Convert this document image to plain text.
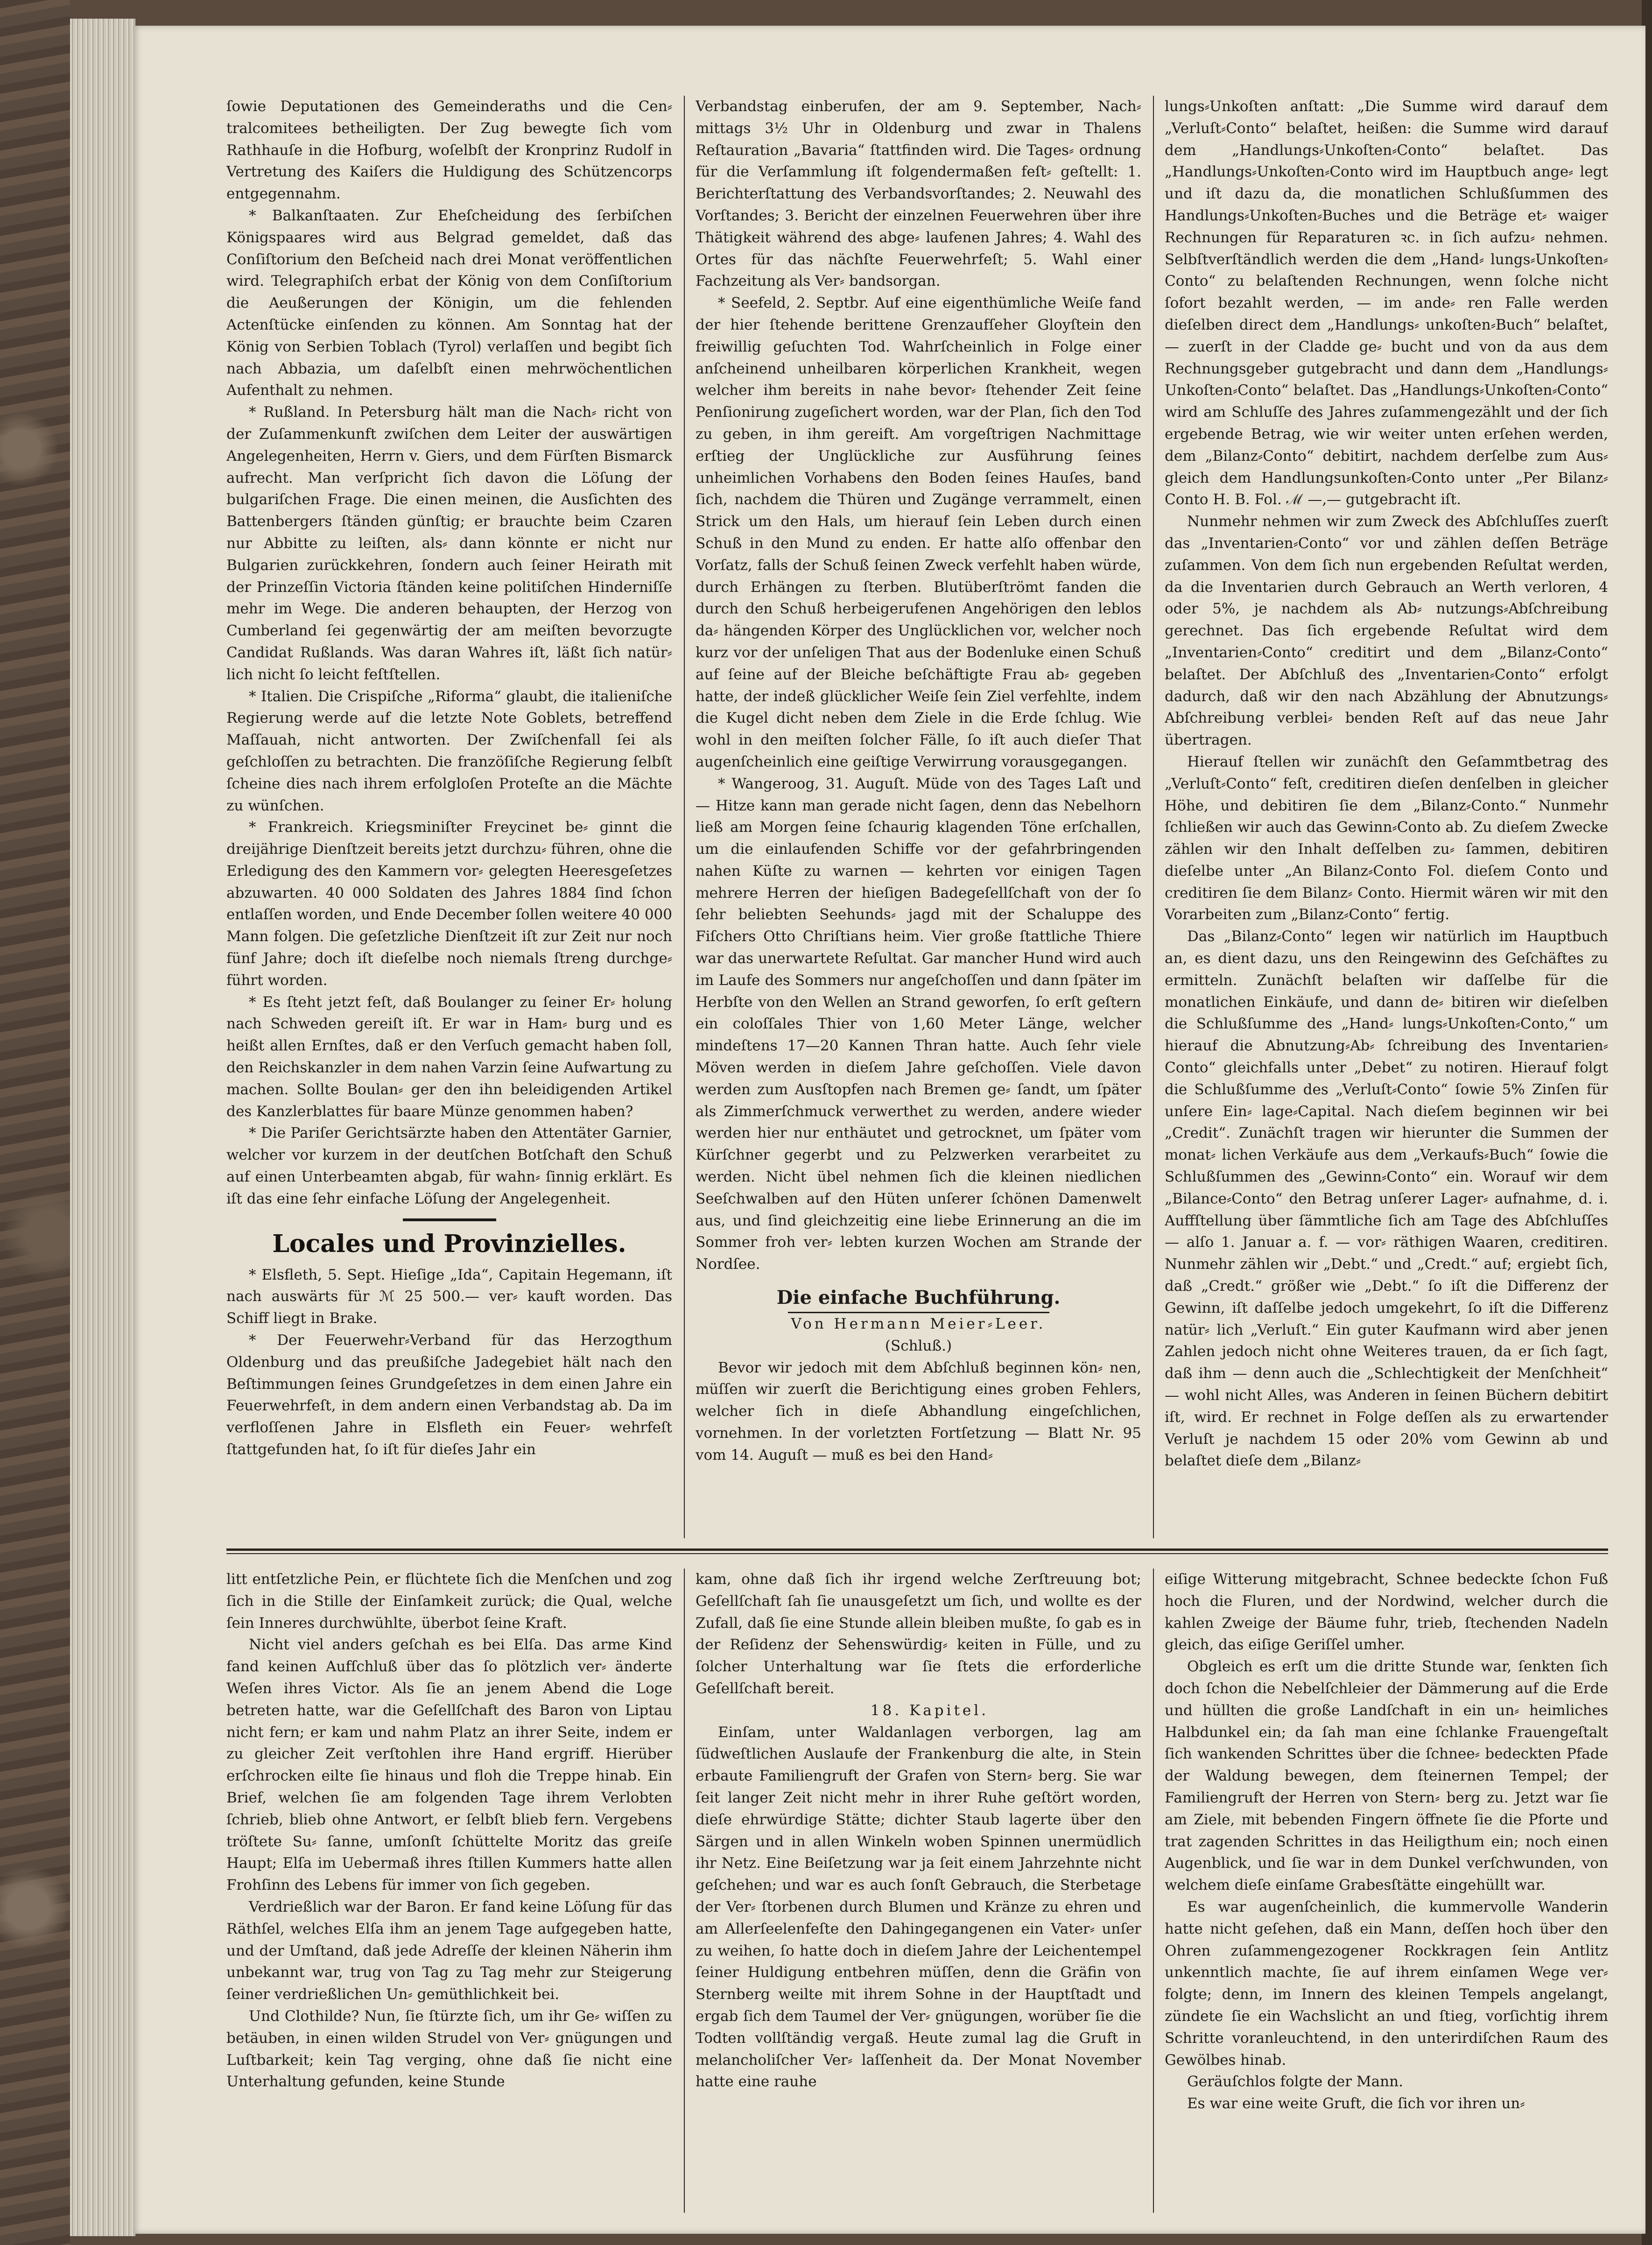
ſowie Deputationen des Gemeinderaths und die Cen⸗ tralcomitees betheiligten. Der Zug bewegte ſich vom Rathhauſe in die Hofburg, woſelbſt der Kronprinz Rudolf in Vertretung des Kaiſers die Huldigung des Schützencorps entgegennahm.

* Balkanſtaaten. Zur Eheſcheidung des ſerbiſchen Königspaares wird aus Belgrad gemeldet, daß das Conſiſtorium den Beſcheid nach drei Monat veröffentlichen wird. Telegraphiſch erbat der König von dem Conſiſtorium die Aeußerungen der Königin, um die fehlenden Actenſtücke einſenden zu können. Am Sonntag hat der König von Serbien Toblach (Tyrol) verlaſſen und begibt ſich nach Abbazia, um daſelbſt einen mehrwöchentlichen Aufenthalt zu nehmen.

* Rußland. In Petersburg hält man die Nach⸗ richt von der Zuſammenkunft zwiſchen dem Leiter der auswärtigen Angelegenheiten, Herrn v. Giers, und dem Fürſten Bismarck aufrecht. Man verſpricht ſich davon die Löſung der bulgariſchen Frage. Die einen meinen, die Ausſichten des Battenbergers ſtänden günſtig; er brauchte beim Czaren nur Abbitte zu leiſten, als⸗ dann könnte er nicht nur Bulgarien zurückkehren, ſondern auch ſeiner Heirath mit der Prinzeſſin Victoria ſtänden keine politiſchen Hinderniſſe mehr im Wege. Die anderen behaupten, der Herzog von Cumberland ſei gegenwärtig der am meiſten bevorzugte Candidat Rußlands. Was daran Wahres iſt, läßt ſich natür⸗ lich nicht ſo leicht feſtſtellen.

* Italien. Die Crispiſche „Riforma“ glaubt, die italieniſche Regierung werde auf die letzte Note Goblets, betreffend Maſſauah, nicht antworten. Der Zwiſchenfall ſei als geſchloſſen zu betrachten. Die franzöſiſche Regierung ſelbſt ſcheine dies nach ihrem erfolgloſen Proteſte an die Mächte zu wünſchen.

* Frankreich. Kriegsminiſter Freycinet be⸗ ginnt die dreijährige Dienſtzeit bereits jetzt durchzu⸗ führen, ohne die Erledigung des den Kammern vor⸗ gelegten Heeresgeſetzes abzuwarten. 40 000 Soldaten des Jahres 1884 ſind ſchon entlaſſen worden, und Ende December ſollen weitere 40 000 Mann folgen. Die geſetzliche Dienſtzeit iſt zur Zeit nur noch fünf Jahre; doch iſt dieſelbe noch niemals ſtreng durchge⸗ führt worden.

* Es ſteht jetzt feſt, daß Boulanger zu ſeiner Er⸗ holung nach Schweden gereiſt iſt. Er war in Ham⸗ burg und es heißt allen Ernſtes, daß er den Verſuch gemacht haben ſoll, den Reichskanzler in dem nahen Varzin ſeine Aufwartung zu machen. Sollte Boulan⸗ ger den ihn beleidigenden Artikel des Kanzlerblattes für baare Münze genommen haben?

* Die Pariſer Gerichtsärzte haben den Attentäter Garnier, welcher vor kurzem in der deutſchen Botſchaft den Schuß auf einen Unterbeamten abgab, für wahn⸗ ſinnig erklärt. Es iſt das eine ſehr einfache Löſung der Angelegenheit.

Locales und Provinzielles.

* Elsfleth, 5. Sept. Hieſige „Ida“, Capitain Hegemann, iſt nach auswärts für ℳ 25 500.— ver⸗ kauft worden. Das Schiff liegt in Brake.

* Der Feuerwehr⸗Verband für das Herzogthum Oldenburg und das preußiſche Jadegebiet hält nach den Beſtimmungen ſeines Grundgeſetzes in dem einen Jahre ein Feuerwehrfeſt, in dem andern einen Verbandstag ab. Da im verfloſſenen Jahre in Elsfleth ein Feuer⸗ wehrfeſt ſtattgefunden hat, ſo iſt für dieſes Jahr ein

Verbandstag einberufen, der am 9. September, Nach⸗ mittags 3½ Uhr in Oldenburg und zwar in Thalens Reſtauration „Bavaria“ ſtattfinden wird. Die Tages⸗ ordnung für die Verſammlung iſt folgendermaßen feſt⸗ geſtellt: 1. Berichterſtattung des Verbandsvorſtandes; 2. Neuwahl des Vorſtandes; 3. Bericht der einzelnen Feuerwehren über ihre Thätigkeit während des abge⸗ laufenen Jahres; 4. Wahl des Ortes für das nächſte Feuerwehrfeſt; 5. Wahl einer Fachzeitung als Ver⸗ bandsorgan.

* Seefeld, 2. Septbr. Auf eine eigenthümliche Weiſe fand der hier ſtehende berittene Grenzaufſeher Gloyſtein den freiwillig geſuchten Tod. Wahrſcheinlich in Folge einer anſcheinend unheilbaren körperlichen Krankheit, wegen welcher ihm bereits in nahe bevor⸗ ſtehender Zeit ſeine Penſionirung zugeſichert worden, war der Plan, ſich den Tod zu geben, in ihm gereift. Am vorgeſtrigen Nachmittage erſtieg der Unglückliche zur Ausführung ſeines unheimlichen Vorhabens den Boden ſeines Hauſes, band ſich, nachdem die Thüren und Zugänge verrammelt, einen Strick um den Hals, um hierauf ſein Leben durch einen Schuß in den Mund zu enden. Er hatte alſo offenbar den Vorſatz, falls der Schuß ſeinen Zweck verfehlt haben würde, durch Erhängen zu ſterben. Blutüberſtrömt fanden die durch den Schuß herbeigerufenen Angehörigen den leblos da⸗ hängenden Körper des Unglücklichen vor, welcher noch kurz vor der unſeligen That aus der Bodenluke einen Schuß auf ſeine auf der Bleiche beſchäftigte Frau ab⸗ gegeben hatte, der indeß glücklicher Weiſe ſein Ziel verfehlte, indem die Kugel dicht neben dem Ziele in die Erde ſchlug. Wie wohl in den meiſten ſolcher Fälle, ſo iſt auch dieſer That augenſcheinlich eine geiſtige Verwirrung vorausgegangen.

* Wangeroog, 31. Auguſt. Müde von des Tages Laſt und — Hitze kann man gerade nicht ſagen, denn das Nebelhorn ließ am Morgen ſeine ſchaurig klagenden Töne erſchallen, um die einlaufenden Schiffe vor der gefahrbringenden nahen Küſte zu warnen — kehrten vor einigen Tagen mehrere Herren der hieſigen Badegeſellſchaft von der ſo ſehr beliebten Seehunds⸗ jagd mit der Schaluppe des Fiſchers Otto Chriſtians heim. Vier große ſtattliche Thiere war das unerwartete Reſultat. Gar mancher Hund wird auch im Laufe des Sommers nur angeſchoſſen und dann ſpäter im Herbſte von den Wellen an Strand geworfen, ſo erſt geſtern ein coloſſales Thier von 1,60 Meter Länge, welcher mindeſtens 17—20 Kannen Thran hatte. Auch ſehr viele Möven werden in dieſem Jahre geſchoſſen. Viele davon werden zum Ausſtopfen nach Bremen ge⸗ ſandt, um ſpäter als Zimmerſchmuck verwerthet zu werden, andere wieder werden hier nur enthäutet und getrocknet, um ſpäter vom Kürſchner gegerbt und zu Pelzwerken verarbeitet zu werden. Nicht übel nehmen ſich die kleinen niedlichen Seeſchwalben auf den Hüten unſerer ſchönen Damenwelt aus, und ſind gleichzeitig eine liebe Erinnerung an die im Sommer froh ver⸗ lebten kurzen Wochen am Strande der Nordſee.

Die einfache Buchführung.

Von Hermann Meier⸗Leer.

(Schluß.)

Bevor wir jedoch mit dem Abſchluß beginnen kön⸗ nen, müſſen wir zuerſt die Berichtigung eines groben Fehlers, welcher ſich in dieſe Abhandlung eingeſchlichen, vornehmen. In der vorletzten Fortſetzung — Blatt Nr. 95 vom 14. Auguſt — muß es bei den Hand⸗

lungs⸗Unkoſten anſtatt: „Die Summe wird darauf dem „Verluſt⸗Conto“ belaſtet, heißen: die Summe wird darauf dem „Handlungs⸗Unkoſten⸗Conto“ belaſtet. Das „Handlungs⸗Unkoſten⸗Conto wird im Hauptbuch ange⸗ legt und iſt dazu da, die monatlichen Schlußſummen des Handlungs⸗Unkoſten⸗Buches und die Beträge et⸗ waiger Rechnungen für Reparaturen ꝛc. in ſich aufzu⸗ nehmen. Selbſtverſtändlich werden die dem „Hand⸗ lungs⸗Unkoſten⸗Conto“ zu belaſtenden Rechnungen, wenn ſolche nicht ſofort bezahlt werden, — im ande⸗ ren Falle werden dieſelben direct dem „Handlungs⸗ unkoſten⸗Buch“ belaſtet, — zuerſt in der Cladde ge⸗ bucht und von da aus dem Rechnungsgeber gutgebracht und dann dem „Handlungs⸗Unkoſten⸗Conto“ belaſtet. Das „Handlungs⸗Unkoſten⸗Conto“ wird am Schluſſe des Jahres zuſammengezählt und der ſich ergebende Betrag, wie wir weiter unten erſehen werden, dem „Bilanz⸗Conto“ debitirt, nachdem derſelbe zum Aus⸗ gleich dem Handlungsunkoſten⸗Conto unter „Per Bilanz⸗ Conto H. B. Fol. ℳ —,— gutgebracht iſt.

Nunmehr nehmen wir zum Zweck des Abſchluſſes zuerſt das „Inventarien⸗Conto“ vor und zählen deſſen Beträge zuſammen. Von dem ſich nun ergebenden Reſultat werden, da die Inventarien durch Gebrauch an Werth verloren, 4 oder 5%, je nachdem als Ab⸗ nutzungs⸗Abſchreibung gerechnet. Das ſich ergebende Reſultat wird dem „Inventarien⸗Conto“ creditirt und dem „Bilanz⸗Conto“ belaſtet. Der Abſchluß des „Inventarien⸗Conto“ erfolgt dadurch, daß wir den nach Abzählung der Abnutzungs⸗Abſchreibung verblei⸗ benden Reſt auf das neue Jahr übertragen.

Hierauf ſtellen wir zunächſt den Geſammtbetrag des „Verluſt⸗Conto“ feſt, creditiren dieſen denſelben in gleicher Höhe, und debitiren ſie dem „Bilanz⸗Conto.“ Nunmehr ſchließen wir auch das Gewinn⸗Conto ab. Zu dieſem Zwecke zählen wir den Inhalt deſſelben zu⸗ ſammen, debitiren dieſelbe unter „An Bilanz⸗Conto Fol. dieſem Conto und creditiren ſie dem Bilanz⸗ Conto. Hiermit wären wir mit den Vorarbeiten zum „Bilanz⸗Conto“ fertig.

Das „Bilanz⸗Conto“ legen wir natürlich im Hauptbuch an, es dient dazu, uns den Reingewinn des Geſchäftes zu ermitteln. Zunächſt belaſten wir daſſelbe für die monatlichen Einkäufe, und dann de⸗ bitiren wir dieſelben die Schlußſumme des „Hand⸗ lungs⸗Unkoſten⸗Conto,“ um hierauf die Abnutzung⸗Ab⸗ ſchreibung des Inventarien⸗Conto“ gleichfalls unter „Debet“ zu notiren. Hierauf folgt die Schlußſumme des „Verluſt⸗Conto“ ſowie 5% Zinſen für unſere Ein⸗ lage⸗Capital. Nach dieſem beginnen wir bei „Credit“. Zunächſt tragen wir hierunter die Summen der monat⸗ lichen Verkäufe aus dem „Verkaufs⸗Buch“ ſowie die Schlußſummen des „Gewinn⸗Conto“ ein. Worauf wir dem „Bilance⸗Conto“ den Betrag unſerer Lager⸗ aufnahme, d. i. Auffſtellung über ſämmtliche ſich am Tage des Abſchluſſes — alſo 1. Januar a. f. — vor⸗ räthigen Waaren, creditiren. Nunmehr zählen wir „Debt.“ und „Credt.“ auf; ergiebt ſich, daß „Credt.“ größer wie „Debt.“ ſo iſt die Differenz der Gewinn, iſt daſſelbe jedoch umgekehrt, ſo iſt die Differenz natür⸗ lich „Verluſt.“ Ein guter Kaufmann wird aber jenen Zahlen jedoch nicht ohne Weiteres trauen, da er ſich ſagt, daß ihm — denn auch die „Schlechtigkeit der Menſchheit“ — wohl nicht Alles, was Anderen in ſeinen Büchern debitirt iſt, wird. Er rechnet in Folge deſſen als zu erwartender Verluſt je nachdem 15 oder 20% vom Gewinn ab und belaſtet dieſe dem „Bilanz⸗

litt entſetzliche Pein, er flüchtete ſich die Menſchen und zog ſich in die Stille der Einſamkeit zurück; die Qual, welche ſein Inneres durchwühlte, überbot ſeine Kraft.

Nicht viel anders geſchah es bei Elſa. Das arme Kind fand keinen Aufſchluß über das ſo plötzlich ver⸗ änderte Weſen ihres Victor. Als ſie an jenem Abend die Loge betreten hatte, war die Geſellſchaft des Baron von Liptau nicht fern; er kam und nahm Platz an ihrer Seite, indem er zu gleicher Zeit verſtohlen ihre Hand ergriff. Hierüber erſchrocken eilte ſie hinaus und floh die Treppe hinab. Ein Brief, welchen ſie am folgenden Tage ihrem Verlobten ſchrieb, blieb ohne Antwort, er ſelbſt blieb fern. Vergebens tröſtete Su⸗ ſanne, umſonſt ſchüttelte Moritz das greiſe Haupt; Elſa im Uebermaß ihres ſtillen Kummers hatte allen Frohſinn des Lebens für immer von ſich gegeben.

Verdrießlich war der Baron. Er fand keine Löſung für das Räthſel, welches Elſa ihm an jenem Tage aufgegeben hatte, und der Umſtand, daß jede Adreſſe der kleinen Näherin ihm unbekannt war, trug von Tag zu Tag mehr zur Steigerung ſeiner verdrießlichen Un⸗ gemüthlichkeit bei.

Und Clothilde? Nun, ſie ſtürzte ſich, um ihr Ge⸗ wiſſen zu betäuben, in einen wilden Strudel von Ver⸗ gnügungen und Luſtbarkeit; kein Tag verging, ohne daß ſie nicht eine Unterhaltung gefunden, keine Stunde

kam, ohne daß ſich ihr irgend welche Zerſtreuung bot; Geſellſchaft ſah ſie unausgeſetzt um ſich, und wollte es der Zufall, daß ſie eine Stunde allein bleiben mußte, ſo gab es in der Reſidenz der Sehenswürdig⸗ keiten in Fülle, und zu ſolcher Unterhaltung war ſie ſtets die erforderliche Geſellſchaft bereit.

18. Kapitel.

Einſam, unter Waldanlagen verborgen, lag am ſüdweſtlichen Auslaufe der Frankenburg die alte, in Stein erbaute Familiengruft der Grafen von Stern⸗ berg. Sie war ſeit langer Zeit nicht mehr in ihrer Ruhe geſtört worden, dieſe ehrwürdige Stätte; dichter Staub lagerte über den Särgen und in allen Winkeln woben Spinnen unermüdlich ihr Netz. Eine Beiſetzung war ja ſeit einem Jahrzehnte nicht geſchehen; und war es auch ſonſt Gebrauch, die Sterbetage der Ver⸗ ſtorbenen durch Blumen und Kränze zu ehren und am Allerſeelenfeſte den Dahingegangenen ein Vater⸗ unſer zu weihen, ſo hatte doch in dieſem Jahre der Leichentempel ſeiner Huldigung entbehren müſſen, denn die Gräfin von Sternberg weilte mit ihrem Sohne in der Hauptſtadt und ergab ſich dem Taumel der Ver⸗ gnügungen, worüber ſie die Todten vollſtändig vergaß. Heute zumal lag die Gruft in melancholiſcher Ver⸗ laſſenheit da. Der Monat November hatte eine rauhe

eiſige Witterung mitgebracht, Schnee bedeckte ſchon Fuß hoch die Fluren, und der Nordwind, welcher durch die kahlen Zweige der Bäume fuhr, trieb, ſtechenden Nadeln gleich, das eiſige Geriſſel umher.

Obgleich es erſt um die dritte Stunde war, ſenkten ſich doch ſchon die Nebelſchleier der Dämmerung auf die Erde und hüllten die große Landſchaft in ein un⸗ heimliches Halbdunkel ein; da ſah man eine ſchlanke Frauengeſtalt ſich wankenden Schrittes über die ſchnee⸗ bedeckten Pfade der Waldung bewegen, dem ſteinernen Tempel; der Familiengruft der Herren von Stern⸗ berg zu. Jetzt war ſie am Ziele, mit bebenden Fingern öffnete ſie die Pforte und trat zagenden Schrittes in das Heiligthum ein; noch einen Augenblick, und ſie war in dem Dunkel verſchwunden, von welchem dieſe einſame Grabesſtätte eingehüllt war.

Es war augenſcheinlich, die kummervolle Wanderin hatte nicht geſehen, daß ein Mann, deſſen hoch über den Ohren zuſammengezogener Rockkragen ſein Antlitz unkenntlich machte, ſie auf ihrem einſamen Wege ver⸗ folgte; denn, im Innern des kleinen Tempels angelangt, zündete ſie ein Wachslicht an und ſtieg, vorſichtig ihrem Schritte voranleuchtend, in den unterirdiſchen Raum des Gewölbes hinab.

Geräuſchlos folgte der Mann.

Es war eine weite Gruft, die ſich vor ihren un⸗
